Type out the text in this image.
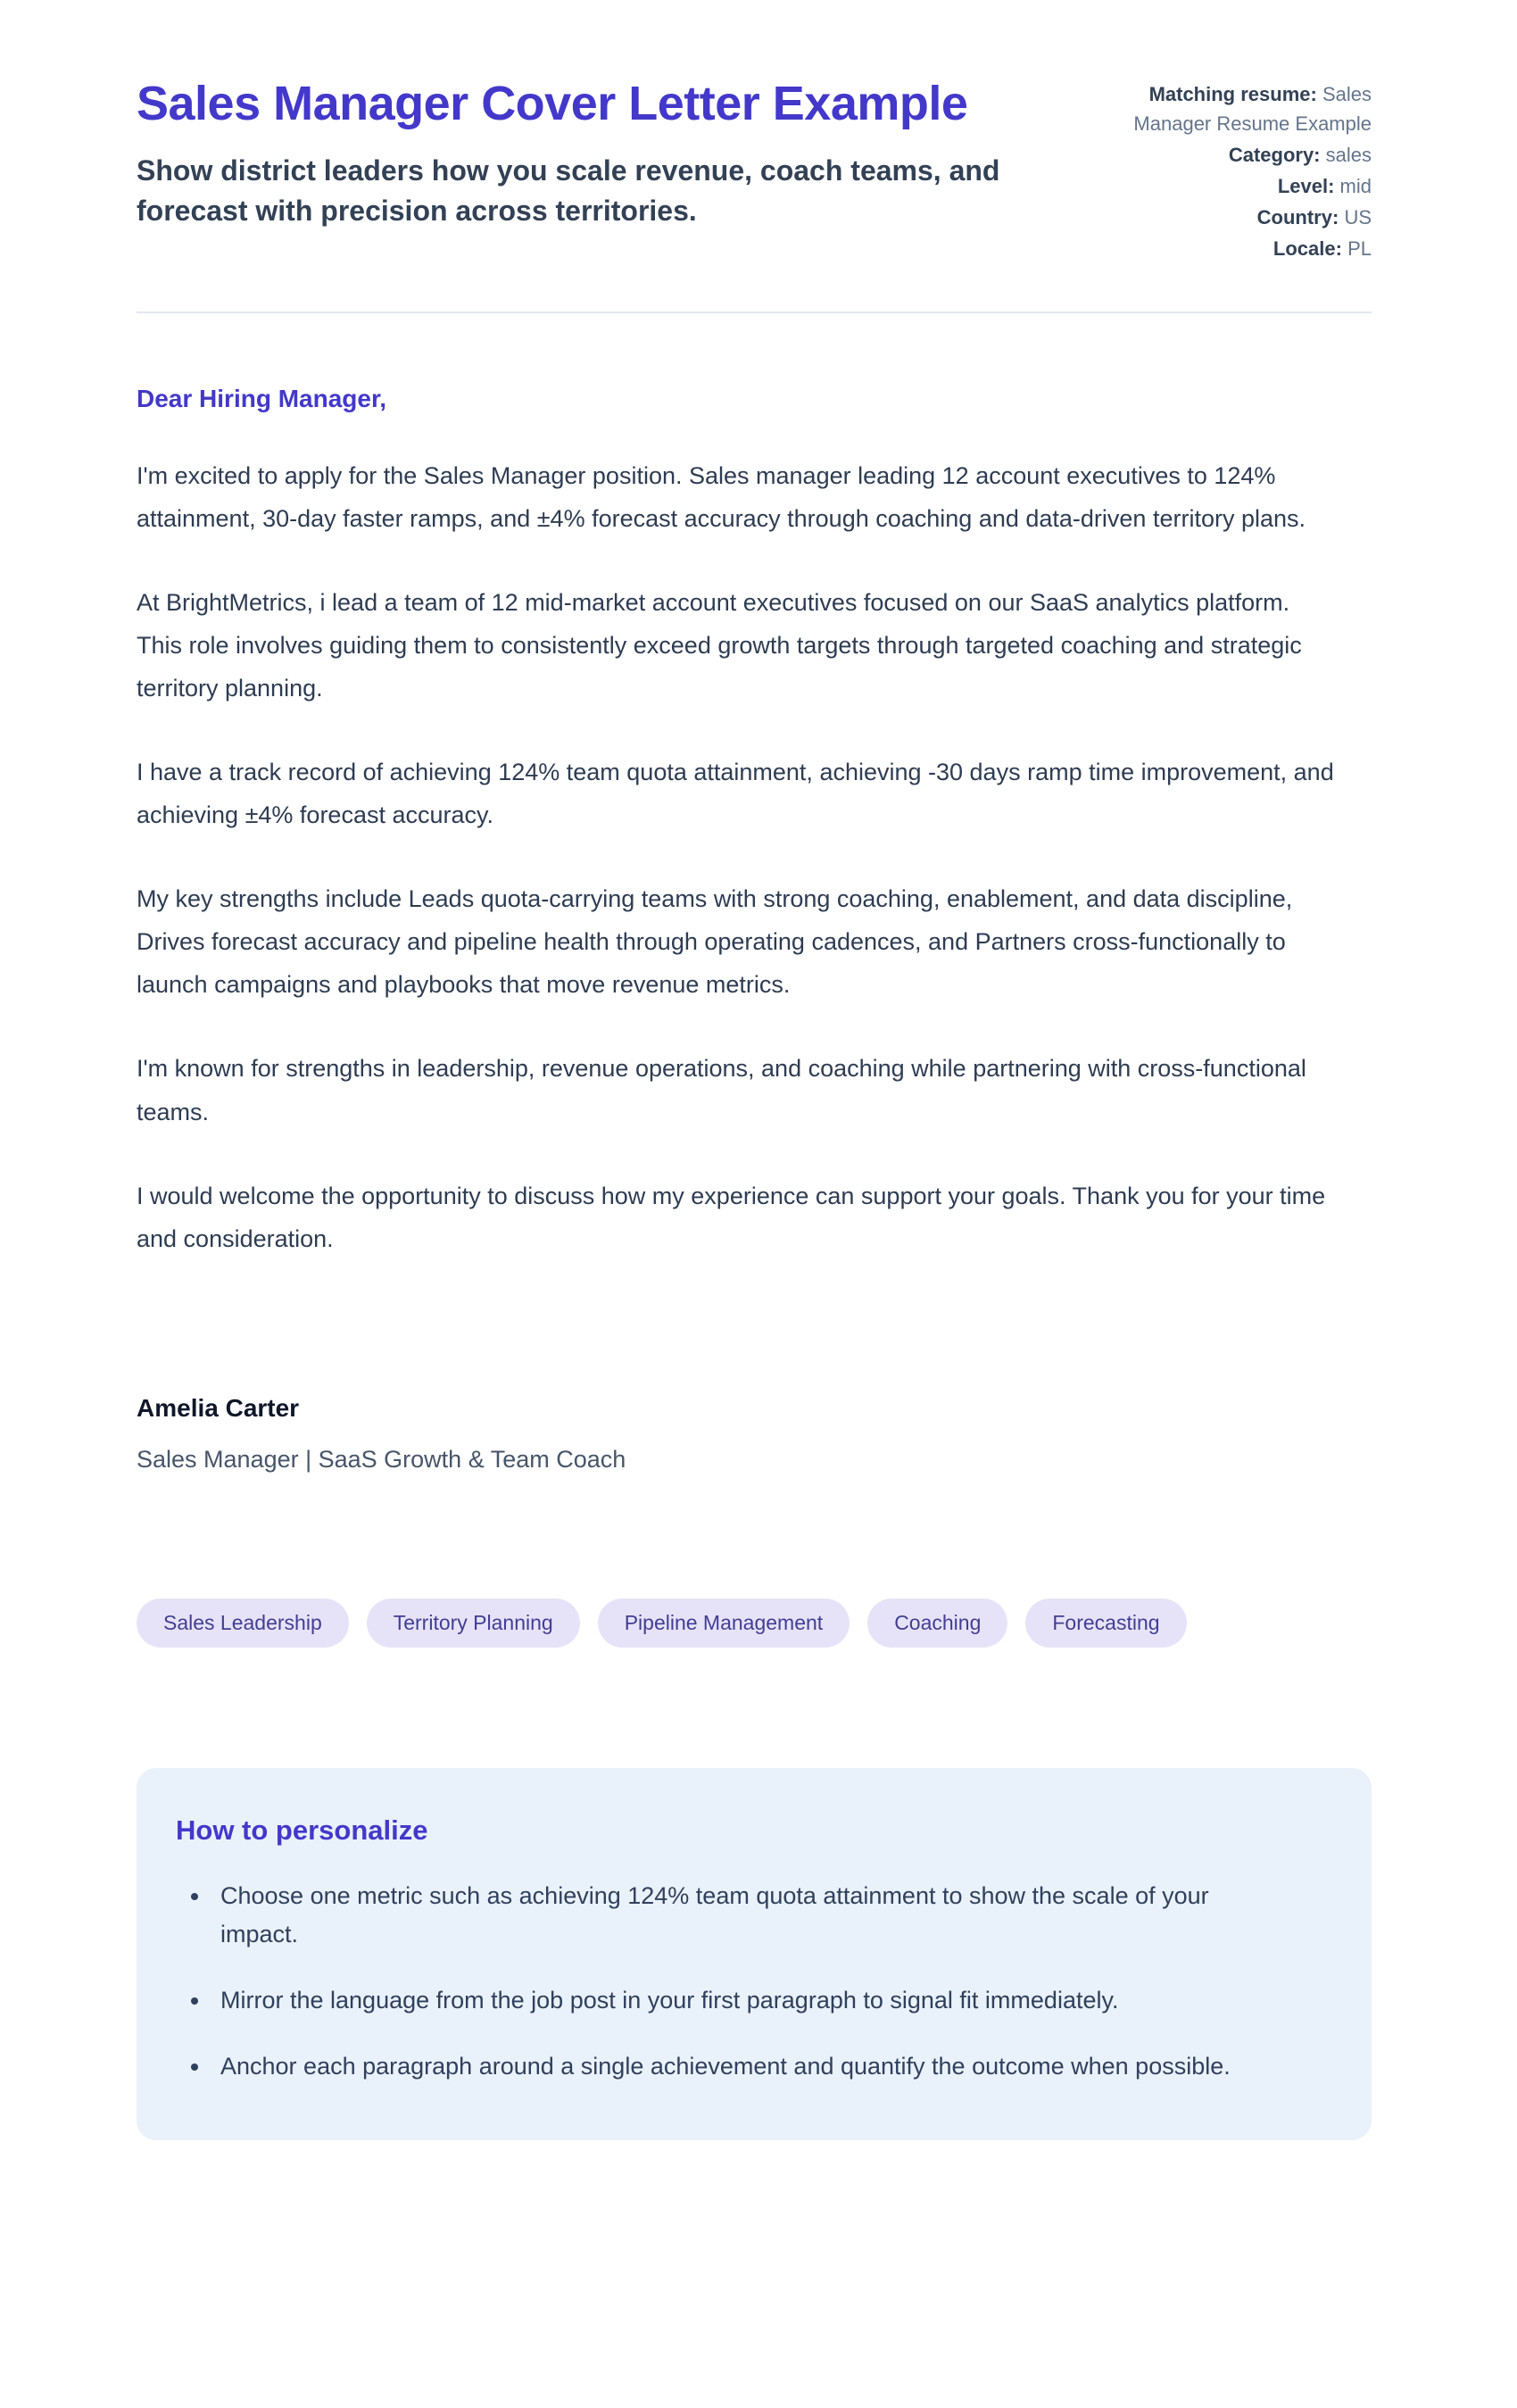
Sales Manager Cover Letter Example

Show district leaders how you scale revenue, coach teams, and forecast with precision across territories.

Matching resume: Sales Manager Resume Example
Category: sales
Level: mid
Country: US
Locale: PL

Dear Hiring Manager,

I'm excited to apply for the Sales Manager position. Sales manager leading 12 account executives to 124% attainment, 30-day faster ramps, and ±4% forecast accuracy through coaching and data-driven territory plans.

At BrightMetrics, i lead a team of 12 mid-market account executives focused on our SaaS analytics platform. This role involves guiding them to consistently exceed growth targets through targeted coaching and strategic territory planning.

I have a track record of achieving 124% team quota attainment, achieving -30 days ramp time improvement, and achieving ±4% forecast accuracy.

My key strengths include Leads quota-carrying teams with strong coaching, enablement, and data discipline, Drives forecast accuracy and pipeline health through operating cadences, and Partners cross-functionally to launch campaigns and playbooks that move revenue metrics.

I'm known for strengths in leadership, revenue operations, and coaching while partnering with cross-functional teams.

I would welcome the opportunity to discuss how my experience can support your goals. Thank you for your time and consideration.

Amelia Carter

Sales Manager | SaaS Growth & Team Coach

Sales Leadership	Territory Planning	Pipeline Management	Coaching	Forecasting
How to personalize
• Choose one metric such as achieving 124% team quota attainment to show the scale of your impact.
• Mirror the language from the job post in your first paragraph to signal fit immediately.
• Anchor each paragraph around a single achievement and quantify the outcome when possible.
